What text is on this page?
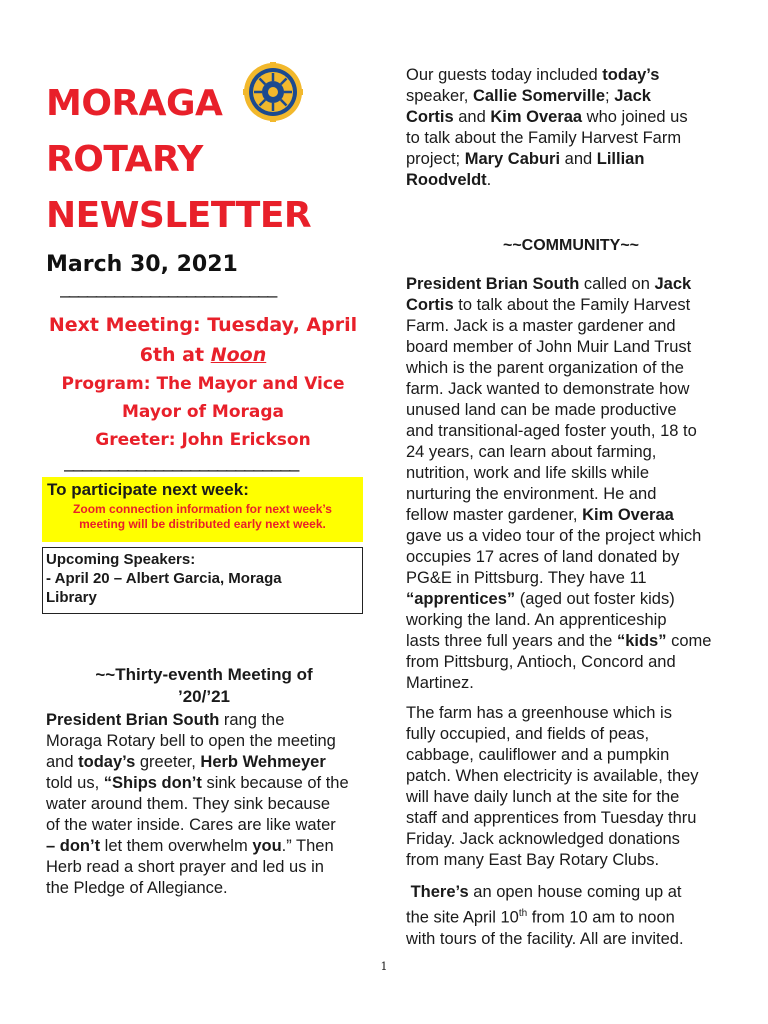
MORAGA
ROTARY
NEWSLETTER
March 30, 2021
________________________
Next Meeting: Tuesday, April
6th at Noon
Program: The Mayor and Vice
Mayor of Moraga
Greeter: John Erickson
__________________________
To participate next week:
Zoom connection information for next week’s
meeting will be distributed early next week.
Upcoming Speakers:
- April 20 – Albert Garcia, Moraga
Library
~~Thirty-eventh Meeting of
’20/’21
President Brian South rang the
Moraga Rotary bell to open the meeting
and today’s greeter, Herb Wehmeyer
told us, “Ships don’t sink because of the
water around them. They sink because
of the water inside. Cares are like water
– don’t let them overwhelm you.” Then
Herb read a short prayer and led us in
the Pledge of Allegiance.
Our guests today included today’s
speaker, Callie Somerville; Jack
Cortis and Kim Overaa who joined us
to talk about the Family Harvest Farm
project; Mary Caburi and Lillian
Roodveldt.
~~COMMUNITY~~
President Brian South called on Jack
Cortis to talk about the Family Harvest
Farm. Jack is a master gardener and
board member of John Muir Land Trust
which is the parent organization of the
farm. Jack wanted to demonstrate how
unused land can be made productive
and transitional-aged foster youth, 18 to
24 years, can learn about farming,
nutrition, work and life skills while
nurturing the environment. He and
fellow master gardener, Kim Overaa
gave us a video tour of the project which
occupies 17 acres of land donated by
PG&E in Pittsburg. They have 11
“apprentices” (aged out foster kids)
working the land. An apprenticeship
lasts three full years and the “kids” come
from Pittsburg, Antioch, Concord and
Martinez.
The farm has a greenhouse which is
fully occupied, and fields of peas,
cabbage, cauliflower and a pumpkin
patch. When electricity is available, they
will have daily lunch at the site for the
staff and apprentices from Tuesday thru
Friday. Jack acknowledged donations
from many East Bay Rotary Clubs.
There’s an open house coming up at
the site April 10th from 10 am to noon
with tours of the facility. All are invited.
1
